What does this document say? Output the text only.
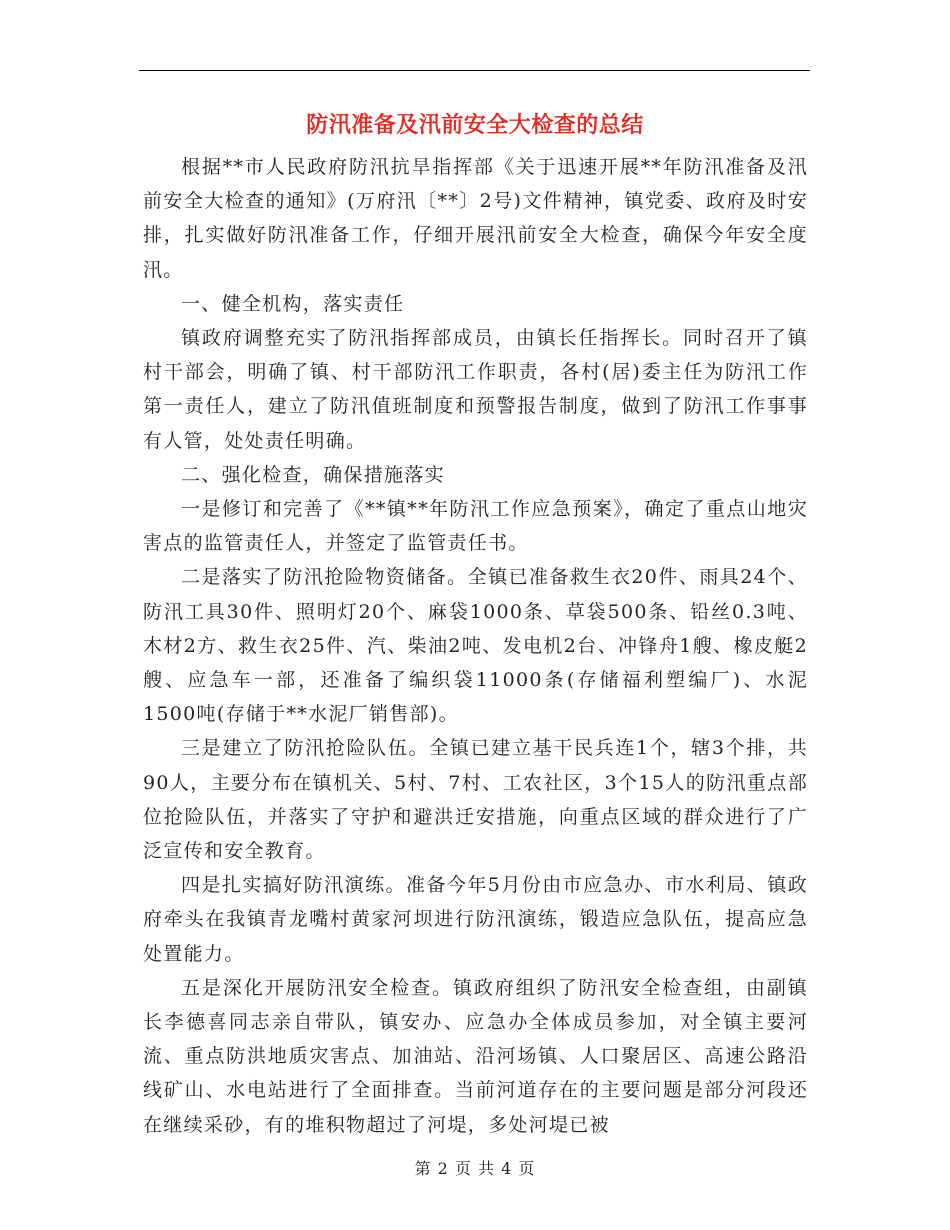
防汛准备及汛前安全大检查的总结

根据**市人民政府防汛抗旱指挥部《关于迅速开展**年防汛准备及汛前安全大检查的通知》(万府汛〔**〕2号)文件精神，镇党委、政府及时安排，扎实做好防汛准备工作，仔细开展汛前安全大检查，确保今年安全度汛。

一、健全机构，落实责任

镇政府调整充实了防汛指挥部成员，由镇长任指挥长。同时召开了镇村干部会，明确了镇、村干部防汛工作职责，各村(居)委主任为防汛工作第一责任人，建立了防汛值班制度和预警报告制度，做到了防汛工作事事有人管，处处责任明确。

二、强化检查，确保措施落实

一是修订和完善了《**镇**年防汛工作应急预案》，确定了重点山地灾害点的监管责任人，并签定了监管责任书。

二是落实了防汛抢险物资储备。全镇已准备救生衣20件、雨具24个、防汛工具30件、照明灯20个、麻袋1000条、草袋500条、铅丝0.3吨、木材2方、救生衣25件、汽、柴油2吨、发电机2台、冲锋舟1艘、橡皮艇2艘、应急车一部，还准备了编织袋11000条(存储福利塑编厂)、水泥1500吨(存储于**水泥厂销售部)。

三是建立了防汛抢险队伍。全镇已建立基干民兵连1个，辖3个排，共90人，主要分布在镇机关、5村、7村、工农社区，3个15人的防汛重点部位抢险队伍，并落实了守护和避洪迁安措施，向重点区域的群众进行了广泛宣传和安全教育。

四是扎实搞好防汛演练。准备今年5月份由市应急办、市水利局、镇政府牵头在我镇青龙嘴村黄家河坝进行防汛演练，锻造应急队伍，提高应急处置能力。

五是深化开展防汛安全检查。镇政府组织了防汛安全检查组，由副镇长李德喜同志亲自带队，镇安办、应急办全体成员参加，对全镇主要河流、重点防洪地质灾害点、加油站、沿河场镇、人口聚居区、高速公路沿线矿山、水电站进行了全面排查。当前河道存在的主要问题是部分河段还在继续采砂，有的堆积物超过了河堤，多处河堤已被

第 2 页 共 4 页
